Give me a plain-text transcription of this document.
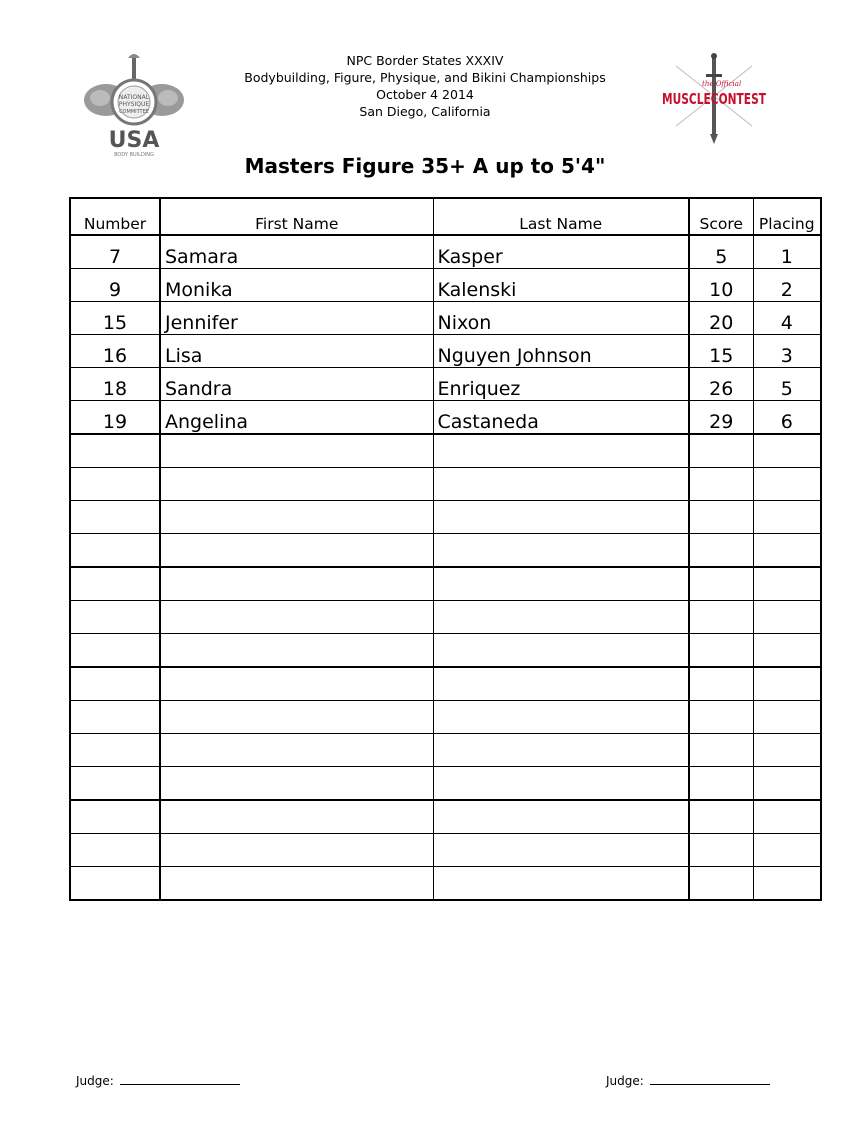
NATIONAL
PHYSIQUE
COMMITTEE
USA
BODY BUILDING
NPC Border States XXXIV
Bodybuilding, Figure, Physique, and Bikini Championships
October 4 2014
San Diego, California
the Official
MUSCLECONTEST
Masters Figure 35+ A up to 5'4"
Number	First Name	Last Name	Score	Placing
7	Samara	Kasper	5	1
9	Monika	Kalenski	10	2
15	Jennifer	Nixon	20	4
16	Lisa	Nguyen Johnson	15	3
18	Sandra	Enriquez	26	5
19	Angelina	Castaneda	29	6

Judge:	Judge:
